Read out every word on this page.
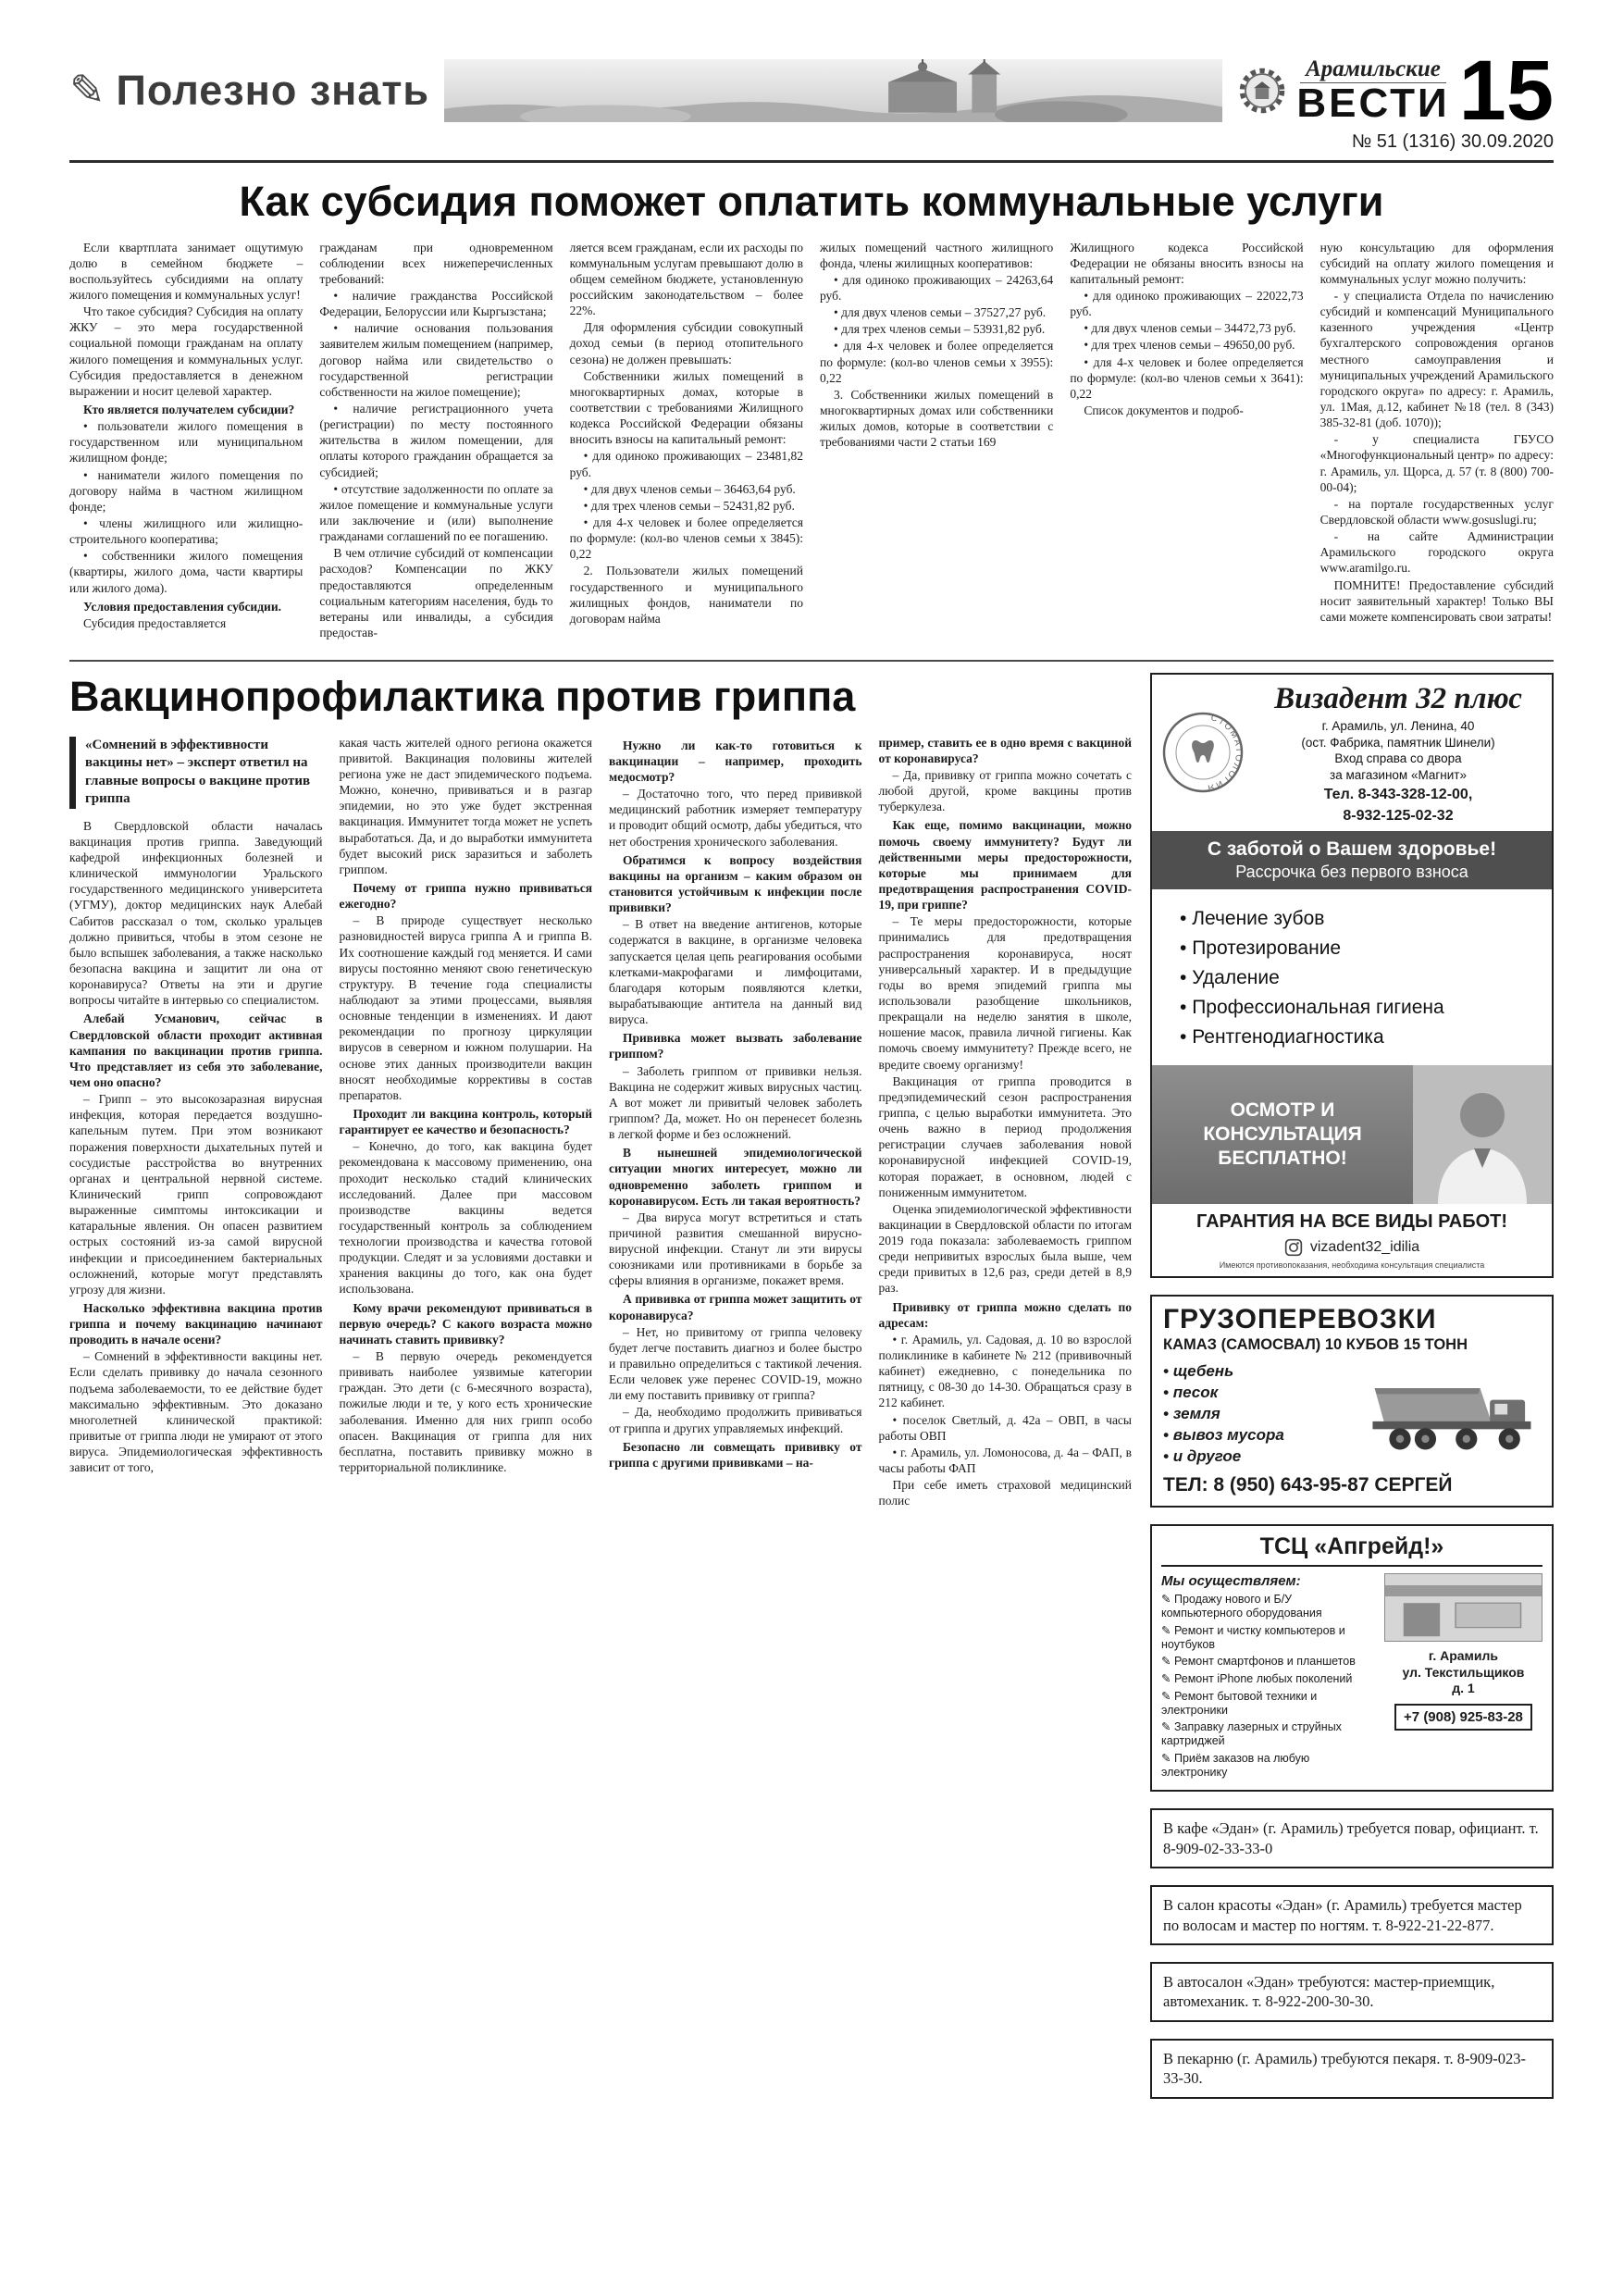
✎ Полезно знать	Арамильские
ВЕСТИ 15
№ 51 (1316) 30.09.2020
Как субсидия поможет оплатить коммунальные услуги

Если квартплата занимает ощутимую долю в семейном бюджете – воспользуйтесь субсидиями на оплату жилого помещения и коммунальных услуг!

Что такое субсидия? Субсидия на оплату ЖКУ – это мера государственной социальной помощи гражданам на оплату жилого помещения и коммунальных услуг. Субсидия предоставляется в денежном выражении и носит целевой характер.

Кто является получателем субсидии?

• пользователи жилого помещения в государственном или муниципальном жилищном фонде;

• наниматели жилого помещения по договору найма в частном жилищном фонде;

• члены жилищного или жилищно-строительного кооператива;

• собственники жилого помещения (квартиры, жилого дома, части квартиры или жилого дома).

Условия предоставления субсидии.

Субсидия предоставляется

гражданам при одновременном соблюдении всех нижеперечисленных требований:

• наличие гражданства Российской Федерации, Белоруссии или Кыргызстана;

• наличие основания пользования заявителем жилым помещением (например, договор найма или свидетельство о государственной регистрации собственности на жилое помещение);

• наличие регистрационного учета (регистрации) по месту постоянного жительства в жилом помещении, для оплаты которого гражданин обращается за субсидией;

• отсутствие задолженности по оплате за жилое помещение и коммунальные услуги или заключение и (или) выполнение гражданами соглашений по ее погашению.

В чем отличие субсидий от компенсации расходов? Компенсации по ЖКУ предоставляются определенным социальным категориям населения, будь то ветераны или инвалиды, а субсидия предостав-

ляется всем гражданам, если их расходы по коммунальным услугам превышают долю в общем семейном бюджете, установленную российским законодательством – более 22%.

Для оформления субсидии совокупный доход семьи (в период отопительного сезона) не должен превышать:

Собственники жилых помещений в многоквартирных домах, которые в соответствии с требованиями Жилищного кодекса Российской Федерации обязаны вносить взносы на капитальный ремонт:

• для одиноко проживающих – 23481,82 руб.

• для двух членов семьи – 36463,64 руб.

• для трех членов семьи – 52431,82 руб.

• для 4-х человек и более определяется по формуле: (кол-во членов семьи х 3845): 0,22

2. Пользователи жилых помещений государственного и муниципального жилищных фондов, наниматели по договорам найма

жилых помещений частного жилищного фонда, члены жилищных кооперативов:

• для одиноко проживающих – 24263,64 руб.

• для двух членов семьи – 37527,27 руб.

• для трех членов семьи – 53931,82 руб.

• для 4-х человек и более определяется по формуле: (кол-во членов семьи х 3955): 0,22

3. Собственники жилых помещений в многоквартирных домах или собственники жилых домов, которые в соответствии с требованиями части 2 статьи 169

Жилищного кодекса Российской Федерации не обязаны вносить взносы на капитальный ремонт:

• для одиноко проживающих – 22022,73 руб.

• для двух членов семьи – 34472,73 руб.

• для трех членов семьи – 49650,00 руб.

• для 4-х человек и более определяется по формуле: (кол-во членов семьи х 3641): 0,22

Список документов и подроб-

ную консультацию для оформления субсидий на оплату жилого помещения и коммунальных услуг можно получить:

- у специалиста Отдела по начислению субсидий и компенсаций Муниципального казенного учреждения «Центр бухгалтерского сопровождения органов местного самоуправления и муниципальных учреждений Арамильского городского округа» по адресу: г. Арамиль, ул. 1Мая, д.12, кабинет №18 (тел. 8 (343) 385-32-81 (доб. 1070));

- у специалиста ГБУСО «Многофункциональный центр» по адресу: г. Арамиль, ул. Щорса, д. 57 (т. 8 (800) 700-00-04);

- на портале государственных услуг Свердловской области www.gosuslugi.ru;

- на сайте Администрации Арамильского городского округа www.aramilgo.ru.

ПОМНИТЕ! Предоставление субсидий носит заявительный характер! Только ВЫ сами можете компенсировать свои затраты!

Вакцинопрофилактика против гриппа
«Сомнений в эффективности вакцины нет» – эксперт ответил на главные вопросы о вакцине против гриппа

В Свердловской области началась вакцинация против гриппа. Заведующий кафедрой инфекционных болезней и клинической иммунологии Уральского государственного медицинского университета (УГМУ), доктор медицинских наук Алебай Сабитов рассказал о том, сколько уральцев должно привиться, чтобы в этом сезоне не было вспышек заболевания, а также насколько безопасна вакцина и защитит ли она от коронавируса? Ответы на эти и другие вопросы читайте в интервью со специалистом.

Алебай Усманович, сейчас в Свердловской области проходит активная кампания по вакцинации против гриппа. Что представляет из себя это заболевание, чем оно опасно?

– Грипп – это высокозаразная вирусная инфекция, которая передается воздушно-капельным путем. При этом возникают поражения поверхности дыхательных путей и сосудистые расстройства во внутренних органах и центральной нервной системе. Клинический грипп сопровождают выраженные симптомы интоксикации и катаральные явления. Он опасен развитием острых состояний из-за самой вирусной инфекции и присоединением бактериальных осложнений, которые могут представлять угрозу для жизни.

Насколько эффективна вакцина против гриппа и почему вакцинацию начинают проводить в начале осени?

– Сомнений в эффективности вакцины нет. Если сделать прививку до начала сезонного подъема заболеваемости, то ее действие будет максимально эффективным. Это доказано многолетней клинической практикой: привитые от гриппа люди не умирают от этого вируса. Эпидемиологическая эффективность зависит от того,

какая часть жителей одного региона окажется привитой. Вакцинация половины жителей региона уже не даст эпидемического подъема. Можно, конечно, прививаться и в разгар эпидемии, но это уже будет экстренная вакцинация. Иммунитет тогда может не успеть выработаться. Да, и до выработки иммунитета будет высокий риск заразиться и заболеть гриппом.

Почему от гриппа нужно прививаться ежегодно?

– В природе существует несколько разновидностей вируса гриппа А и гриппа В. Их соотношение каждый год меняется. И сами вирусы постоянно меняют свою генетическую структуру. В течение года специалисты наблюдают за этими процессами, выявляя основные тенденции в изменениях. И дают рекомендации по прогнозу циркуляции вирусов в северном и южном полушарии. На основе этих данных производители вакцин вносят необходимые коррективы в состав препаратов.

Проходит ли вакцина контроль, который гарантирует ее качество и безопасность?

– Конечно, до того, как вакцина будет рекомендована к массовому применению, она проходит несколько стадий клинических исследований. Далее при массовом производстве вакцины ведется государственный контроль за соблюдением технологии производства и качества готовой продукции. Следят и за условиями доставки и хранения вакцины до того, как она будет использована.

Кому врачи рекомендуют прививаться в первую очередь? С какого возраста можно начинать ставить прививку?

– В первую очередь рекомендуется прививать наиболее уязвимые категории граждан. Это дети (с 6-месячного возраста), пожилые люди и те, у кого есть хронические заболевания. Именно для них грипп особо опасен. Вакцинация от гриппа для них бесплатна, поставить прививку можно в территориальной поликлинике.

Нужно ли как-то готовиться к вакцинации – например, проходить медосмотр?

– Достаточно того, что перед прививкой медицинский работник измеряет температуру и проводит общий осмотр, дабы убедиться, что нет обострения хронического заболевания.

Обратимся к вопросу воздействия вакцины на организм – каким образом он становится устойчивым к инфекции после прививки?

– В ответ на введение антигенов, которые содержатся в вакцине, в организме человека запускается целая цепь реагирования особыми клетками-макрофагами и лимфоцитами, благодаря которым появляются клетки, вырабатывающие антитела на данный вид вируса.

Прививка может вызвать заболевание гриппом?

– Заболеть гриппом от прививки нельзя. Вакцина не содержит живых вирусных частиц. А вот может ли привитый человек заболеть гриппом? Да, может. Но он перенесет болезнь в легкой форме и без осложнений.

В нынешней эпидемиологической ситуации многих интересует, можно ли одновременно заболеть гриппом и коронавирусом. Есть ли такая вероятность?

– Два вируса могут встретиться и стать причиной развития смешанной вирусно-вирусной инфекции. Станут ли эти вирусы союзниками или противниками в борьбе за сферы влияния в организме, покажет время.

А прививка от гриппа может защитить от коронавируса?

– Нет, но привитому от гриппа человеку будет легче поставить диагноз и более быстро и правильно определиться с тактикой лечения. Если человек уже перенес COVID-19, можно ли ему поставить прививку от гриппа?

– Да, необходимо продолжить прививаться от гриппа и других управляемых инфекций.

Безопасно ли совмещать прививку от гриппа с другими прививками – на-

пример, ставить ее в одно время с вакциной от коронавируса?

– Да, прививку от гриппа можно сочетать с любой другой, кроме вакцины против туберкулеза.

Как еще, помимо вакцинации, можно помочь своему иммунитету? Будут ли действенными меры предосторожности, которые мы принимаем для предотвращения распространения COVID-19, при гриппе?

– Те меры предосторожности, которые принимались для предотвращения распространения коронавируса, носят универсальный характер. И в предыдущие годы во время эпидемий гриппа мы использовали разобщение школьников, прекращали на неделю занятия в школе, ношение масок, правила личной гигиены. Как помочь своему иммунитету? Прежде всего, не вредите своему организму!

Вакцинация от гриппа проводится в предэпидемический сезон распространения гриппа, с целью выработки иммунитета. Это очень важно в период продолжения регистрации случаев заболевания новой коронавирусной инфекцией COVID-19, которая поражает, в основном, людей с пониженным иммунитетом.

Оценка эпидемиологической эффективности вакцинации в Свердловской области по итогам 2019 года показала: заболеваемость гриппом среди непривитых взрослых была выше, чем среди привитых в 12,6 раз, среди детей в 8,9 раз.

Прививку от гриппа можно сделать по адресам:

• г. Арамиль, ул. Садовая, д. 10 во взрослой поликлинике в кабинете № 212 (прививочный кабинет) ежедневно, с понедельника по пятницу, с 08-30 до 14-30. Обращаться сразу в 212 кабинет.

• поселок Светлый, д. 42а – ОВП, в часы работы ОВП

• г. Арамиль, ул. Ломоносова, д. 4а – ФАП, в часы работы ФАП

При себе иметь страховой медицинский полис

СТОМАТОЛОГИЯ
Визадент 32 плюс
г. Арамиль, ул. Ленина, 40
(ост. Фабрика, памятник Шинели)
Вход справа со двора
за магазином «Магнит»
Тел. 8-343-328-12-00,
8-932-125-02-32
С заботой о Вашем здоровье!
Рассрочка без первого взноса
• Лечение зубов
• Протезирование
• Удаление
• Профессиональная гигиена
• Рентгенодиагностика
ОСМОТР И КОНСУЛЬТАЦИЯ БЕСПЛАТНО!
ГАРАНТИЯ НА ВСЕ ВИДЫ РАБОТ!
vizadent32_idilia
Имеются противопоказания, необходима консультация специалиста
ГРУЗОПЕРЕВОЗКИ
КАМАЗ (САМОСВАЛ) 10 КУБОВ 15 ТОНН
• щебень
• песок
• земля
• вывоз мусора
• и другое
ТЕЛ: 8 (950) 643-95-87 СЕРГЕЙ
ТСЦ «Апгрейд!»
Мы осуществляем:
✎ Продажу нового и Б/У компьютерного оборудования
✎ Ремонт и чистку компьютеров и ноутбуков
✎ Ремонт смартфонов и планшетов
✎ Ремонт iPhone любых поколений
✎ Ремонт бытовой техники и электроники
✎ Заправку лазерных и струйных картриджей
✎ Приём заказов на любую электронику
г. Арамиль
ул. Текстильщиков
д. 1
+7 (908) 925-83-28
В кафе «Эдан» (г. Арамиль) требуется повар, официант. т. 8-909-02-33-33-0
В салон красоты «Эдан» (г. Арамиль) требуется мастер по волосам и мастер по ногтям. т. 8-922-21-22-877.
В автосалон «Эдан» требуются: мастер-приемщик, автомеханик. т. 8-922-200-30-30.
В пекарню (г. Арамиль) требуются пекаря. т. 8-909-023-33-30.
